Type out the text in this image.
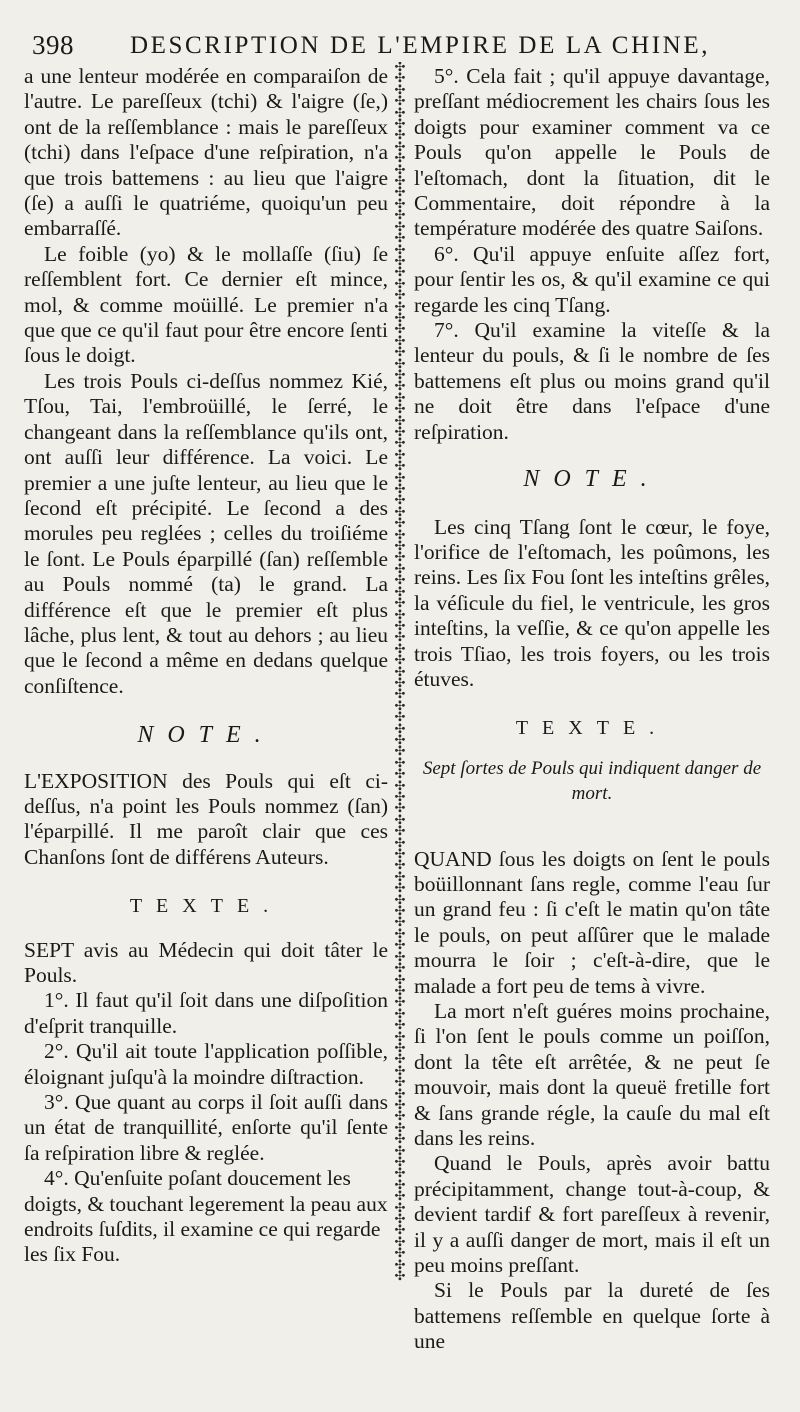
398 DESCRIPTION DE L'EMPIRE DE LA CHINE,

a une lenteur modérée en comparaiſon de l'autre. Le pareſſeux (tchi) & l'aigre (ſe,) ont de la reſſemblance : mais le pareſſeux (tchi) dans l'eſpace d'une reſpiration, n'a que trois battemens : au lieu que l'aigre (ſe) a auſſi le quatriéme, quoiqu'un peu embarraſſé.

Le foible (yo) & le mollaſſe (ſiu) ſe reſſemblent fort. Ce dernier eſt mince, mol, & comme moüillé. Le premier n'a que que ce qu'il faut pour être encore ſenti ſous le doigt.

Les trois Pouls ci-deſſus nommez Kié, Tſou, Tai, l'embroüillé, le ſerré, le changeant dans la reſſemblance qu'ils ont, ont auſſi leur différence. La voici. Le premier a une juſte lenteur, au lieu que le ſecond eſt précipité. Le ſecond a des morules peu reglées ; celles du troiſiéme le ſont. Le Pouls éparpillé (ſan) reſſemble au Pouls nommé (ta) le grand. La différence eſt que le premier eſt plus lâche, plus lent, & tout au dehors ; au lieu que le ſecond a même en dedans quelque conſiſtence.

NOTE.

L'EXPOSITION des Pouls qui eſt ci-deſſus, n'a point les Pouls nommez (ſan) l'éparpillé. Il me paroît clair que ces Chanſons ſont de différens Auteurs.

TEXTE.

SEPT avis au Médecin qui doit tâter le Pouls.

1°. Il faut qu'il ſoit dans une diſpoſition d'eſprit tranquille.

2°. Qu'il ait toute l'application poſſible, éloignant juſqu'à la moindre diſtraction.

3°. Que quant au corps il ſoit auſſi dans un état de tranquillité, enſorte qu'il ſente ſa reſpiration libre & reglée.

4°. Qu'enſuite poſant doucement les doigts, & touchant legerement la peau aux endroits ſuſdits, il examine ce qui regarde les ſix Fou.

✣
✣
✣
✣
✣
✣
✣
✣
✣
✣
✣
✣
✣
✣
✣
✣
✣
✣
✣
✣
✣
✣
✣
✣
✣
✣
✣
✣
✣
✣
✣
✣
✣
✣
✣
✣
✣
✣
✣
✣
✣
✣
✣
✣
✣
✣
✣
✣
✣
✣
✣
✣
✣
✣
✣
✣
✣
✣
✣
✣
✣
✣
✣
✣
✣
✣
✣
✣
✣
✣
✣
✣
✣
✣
✣
✣
✣
✣
✣
✣
✣
✣
✣
✣
✣
✣
✣
✣
✣
✣
✣
✣
✣
✣
✣
✣
✣
✣
✣
✣
✣
✣
✣
✣
✣
✣
✣

5°. Cela fait ; qu'il appuye davantage, preſſant médiocrement les chairs ſous les doigts pour examiner comment va ce Pouls qu'on appelle le Pouls de l'eſtomach, dont la ſituation, dit le Commentaire, doit répondre à la température modérée des quatre Saiſons.

6°. Qu'il appuye enſuite aſſez fort, pour ſentir les os, & qu'il examine ce qui regarde les cinq Tſang.

7°. Qu'il examine la viteſſe & la lenteur du pouls, & ſi le nombre de ſes battemens eſt plus ou moins grand qu'il ne doit être dans l'eſpace d'une reſpiration.

NOTE.

Les cinq Tſang ſont le cœur, le foye, l'orifice de l'eſtomach, les poûmons, les reins. Les ſix Fou ſont les inteſtins grêles, la véſicule du fiel, le ventricule, les gros inteſtins, la veſſie, & ce qu'on appelle les trois Tſiao, les trois foyers, ou les trois étuves.

TEXTE.

Sept ſortes de Pouls qui indiquent danger de mort.

QUAND ſous les doigts on ſent le pouls boüillonnant ſans regle, comme l'eau ſur un grand feu : ſi c'eſt le matin qu'on tâte le pouls, on peut aſſûrer que le malade mourra le ſoir ; c'eſt-à-dire, que le malade a fort peu de tems à vivre.

La mort n'eſt guéres moins prochaine, ſi l'on ſent le pouls comme un poiſſon, dont la tête eſt arrêtée, & ne peut ſe mouvoir, mais dont la queuë fretille fort & ſans grande régle, la cauſe du mal eſt dans les reins.

Quand le Pouls, après avoir battu précipitamment, change tout-à-coup, & devient tardif & fort pareſſeux à revenir, il y a auſſi danger de mort, mais il eſt un peu moins preſſant.

Si le Pouls par la dureté de ſes battemens reſſemble en quelque ſorte à une
